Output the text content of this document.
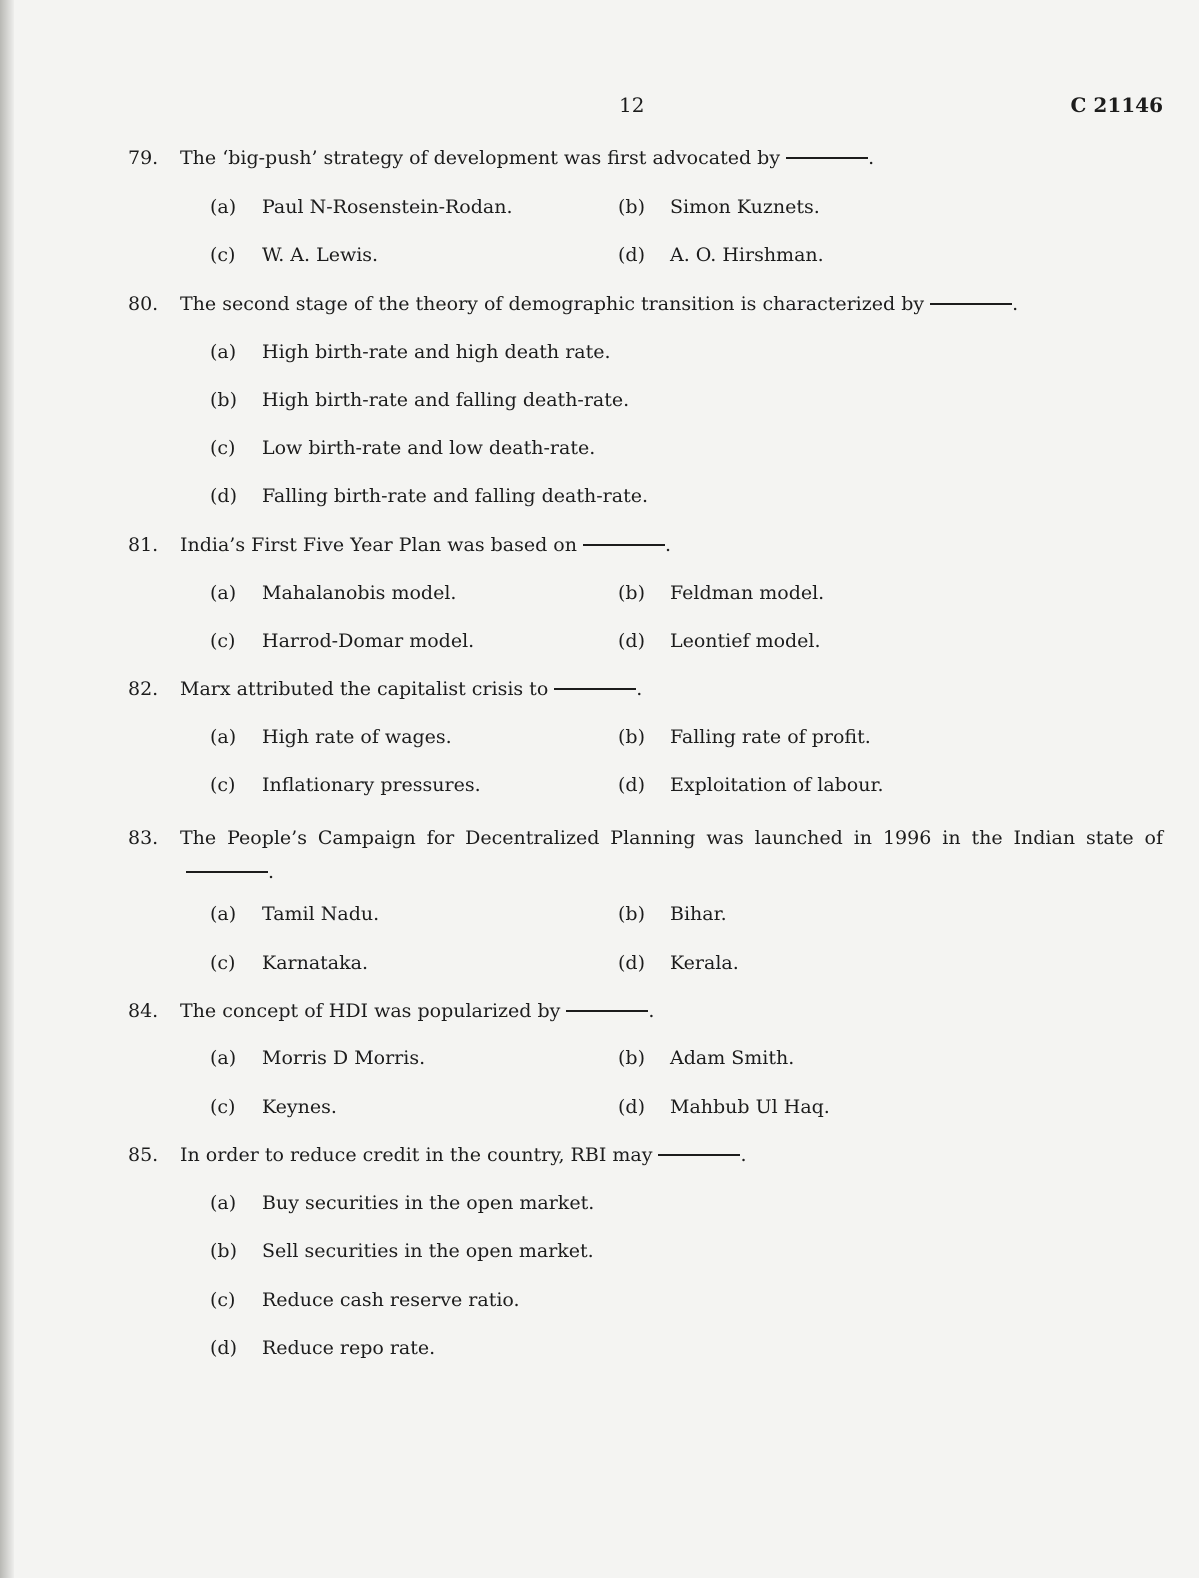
12	C 21146
79. The ‘big-push’ strategy of development was first advocated by	.
(a) Paul N-Rosenstein-Rodan.	(b) Simon Kuznets.
(c) W. A. Lewis.	(d) A. O. Hirshman.
80. The second stage of the theory of demographic transition is characterized by	.
(a) High birth-rate and high death rate.
(b) High birth-rate and falling death-rate.
(c) Low birth-rate and low death-rate.
(d) Falling birth-rate and falling death-rate.
81. India’s First Five Year Plan was based on	.
(a) Mahalanobis model.	(b) Feldman model.
(c) Harrod-Domar model.	(d) Leontief model.
82. Marx attributed the capitalist crisis to	.
(a) High rate of wages.	(b) Falling rate of profit.
(c) Inflationary pressures.	(d) Exploitation of labour.
83. The People’s Campaign for Decentralized Planning was launched in 1996 in the Indian state of.
(a) Tamil Nadu.	(b) Bihar.
(c) Karnataka.	(d) Kerala.
84. The concept of HDI was popularized by	.
(a) Morris D Morris.	(b) Adam Smith.
(c) Keynes.	(d) Mahbub Ul Haq.
85. In order to reduce credit in the country, RBI may	.
(a) Buy securities in the open market.
(b) Sell securities in the open market.
(c) Reduce cash reserve ratio.
(d) Reduce repo rate.
